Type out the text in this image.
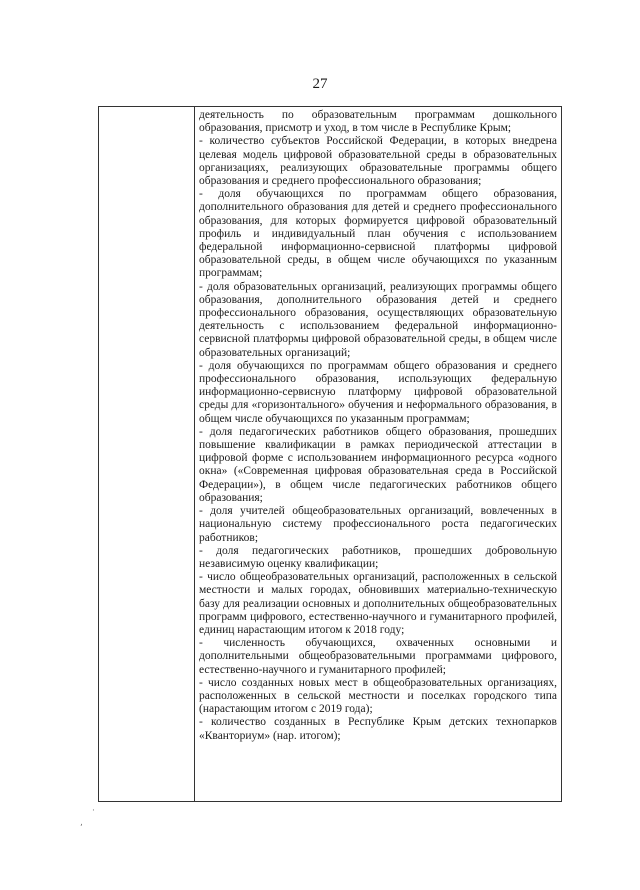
27

деятельность по образовательным программам дошкольного образования, присмотр и уход, в том числе в Республике Крым;

- количество субъектов Российской Федерации, в которых внедрена целевая модель цифровой образовательной среды в образовательных организациях, реализующих образовательные программы общего образования и среднего профессионального образования;

- доля обучающихся по программам общего образования, дополнительного образования для детей и среднего профессионального образования, для которых формируется цифровой образовательный профиль и индивидуальный план обучения с использованием федеральной информационно-сервисной платформы цифровой образовательной среды, в общем числе обучающихся по указанным программам;

- доля образовательных организаций, реализующих программы общего образования, дополнительного образования детей и среднего профессионального образования, осуществляющих образовательную деятельность с использованием федеральной информационно-сервисной платформы цифровой образовательной среды, в общем числе образовательных организаций;

- доля обучающихся по программам общего образования и среднего профессионального образования, использующих федеральную информационно-сервисную платформу цифровой образовательной среды для «горизонтального» обучения и неформального образования, в общем числе обучающихся по указанным программам;

- доля педагогических работников общего образования, прошедших повышение квалификации в рамках периодической аттестации в цифровой форме с использованием информационного ресурса «одного окна» («Современная цифровая образовательная среда в Российской Федерации»), в общем числе педагогических работников общего образования;

- доля учителей общеобразовательных организаций, вовлеченных в национальную систему профессионального роста педагогических работников;

- доля педагогических работников, прошедших добровольную независимую оценку квалификации;

- число общеобразовательных организаций, расположенных в сельской местности и малых городах, обновивших материально-техническую базу для реализации основных и дополнительных общеобразовательных программ цифрового, естественно-научного и гуманитарного профилей, единиц нарастающим итогом к 2018 году;

- численность обучающихся, охваченных основными и дополнительными общеобразовательными программами цифрового, естественно-научного и гуманитарного профилей;

- число созданных новых мест в общеобразовательных организациях, расположенных в сельской местности и поселках городского типа (нарастающим итогом с 2019 года);

- количество созданных в Республике Крым детских технопарков «Кванториум» (нар. итогом);

·
,
